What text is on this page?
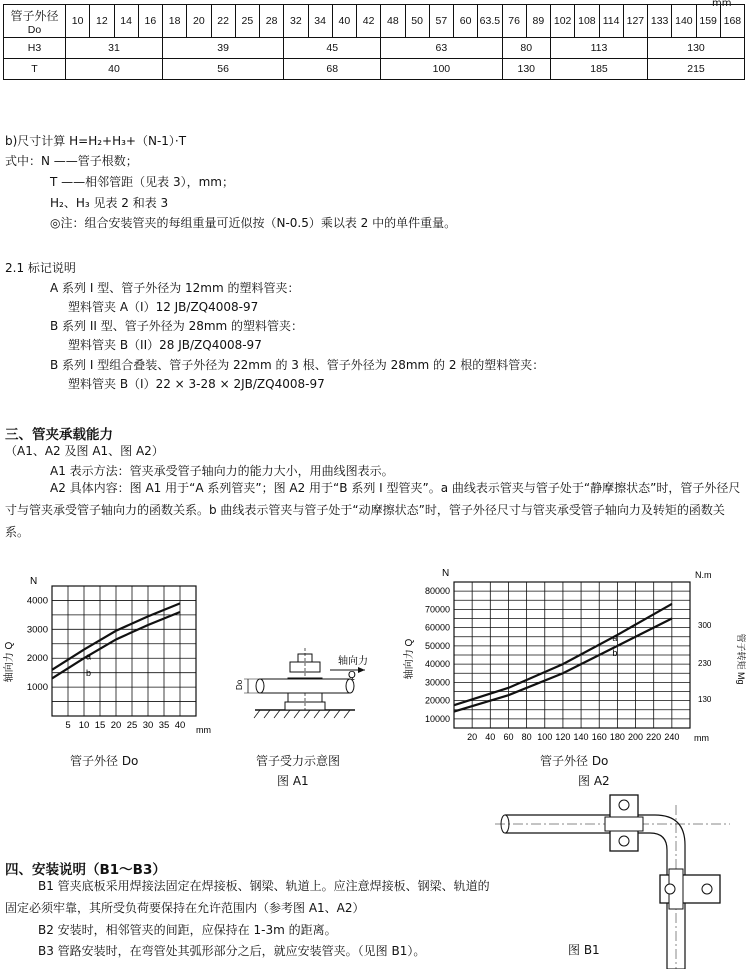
mm
管子外径
Do	10	12	14	16	18	20	22	25	28	32	34	40	42	48	50	57	60	63.5	76	89	102	108	114	127	133	140	159	168
H3	31				39					45				63					80		113				130			
T	40				56					68				100					130		185				215			
b)尺寸计算 H=H₂+H₃+（N-1）·T
式中：N ——管子根数；
T ——相邻管距（见表 3），mm；
H₂、H₃ 见表 2 和表 3
◎注：组合安装管夹的每组重量可近似按（N-0.5）乘以表 2 中的单件重量。
2.1 标记说明
A 系列 I 型、管子外径为 12mm 的塑料管夹：
塑料管夹 A（I）12 JB/ZQ4008-97
B 系列 II 型、管子外径为 28mm 的塑料管夹：
塑料管夹 B（II）28 JB/ZQ4008-97
B 系列 I 型组合叠装、管子外径为 22mm 的 3 根、管子外径为 28mm 的 2 根的塑料管夹：
塑料管夹 B（I）22 × 3-28 × 2JB/ZQ4008-97
三、管夹承载能力
（A1、A2 及图 A1、图 A2）
A1 表示方法：管夹承受管子轴向力的能力大小，用曲线图表示。
A2 具体内容：图 A1 用于“A 系列管夹”；图 A2 用于“B 系列 I 型管夹”。a 曲线表示管夹与管子处于“静摩擦状态”时，管子外径尺寸与管夹承受管子轴向力的函数关系。b 曲线表示管夹与管子处于“动摩擦状态”时，管子外径尺寸与管夹承受管子轴向力及转矩的函数关系。
N
mm
1000
2000
3000
4000
5 10 15 20 25 30 35 40
a
b
轴向力 Q
管子外径 Do
Do
轴向力
Q
管子受力示意图
图 A1
N	N.m
mm
10000
20000
30000
40000
50000
60000
70000
80000
300
230
130
20 40 60 80 100 120 140 160 180 200 220 240
a
b
轴向力 Q	管子转矩 Mg
管子外径 Do
图 A2
四、安装说明（B1～B3）
B1 管夹底板采用焊接法固定在焊接板、钢梁、轨道上。应注意焊接板、钢梁、轨道的固定必须牢靠，其所受负荷要保持在允许范围内（参考图 A1、A2）
B2 安装时，相邻管夹的间距，应保持在 1-3m 的距离。
B3 管路安装时，在弯管处其弧形部分之后，就应安装管夹。（见图 B1）。	图 B1
